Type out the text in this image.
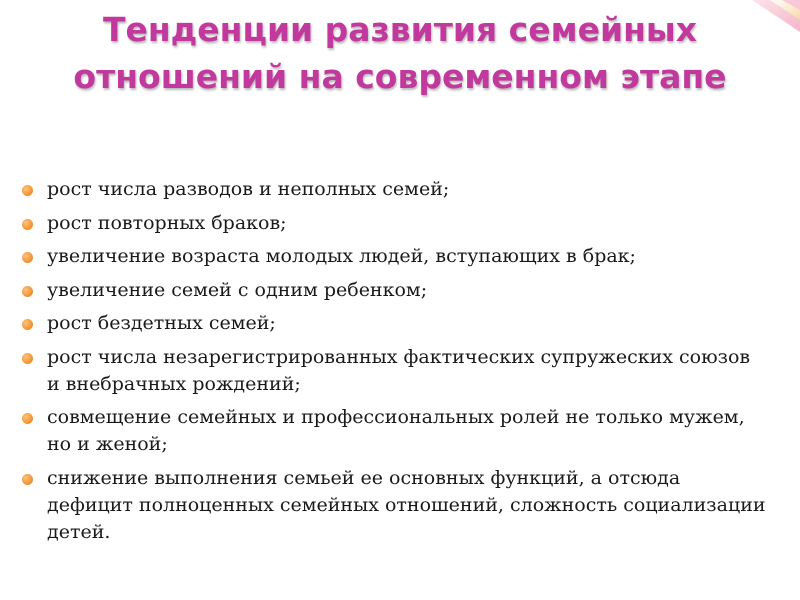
Тенденции развития семейных отношений на современном этапе
рост числа разводов и неполных семей;
рост повторных браков;
увеличение возраста молодых людей, вступающих в брак;
увеличение семей с одним ребенком;
рост бездетных семей;
рост числа незарегистрированных фактических супружеских союзов и внебрачных рождений;
совмещение семейных и профессиональных ролей не только мужем, но и женой;
снижение выполнения семьей ее основных функций, а отсюда дефицит полноценных семейных отношений, сложность социализации детей.
